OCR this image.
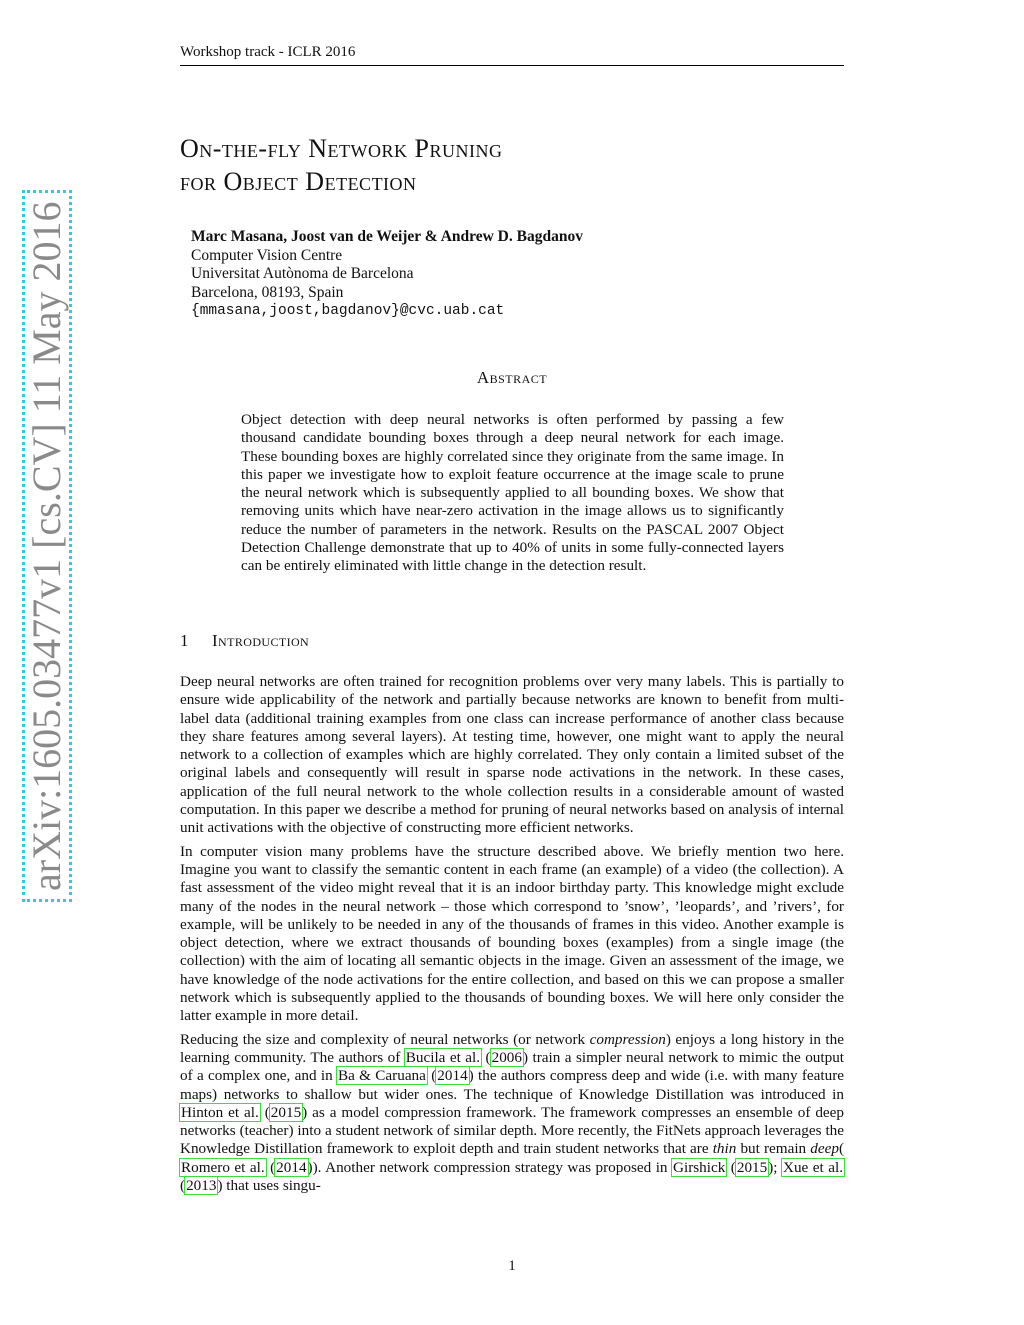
Workshop track - ICLR 2016
arXiv:1605.03477v1 [cs.CV] 11 May 2016
On-the-fly Network Pruning
for Object Detection
Marc Masana, Joost van de Weijer & Andrew D. Bagdanov
Computer Vision Centre
Universitat Autònoma de Barcelona
Barcelona, 08193, Spain
{mmasana,joost,bagdanov}@cvc.uab.cat
Abstract
Object detection with deep neural networks is often performed by passing a few thousand candidate bounding boxes through a deep neural network for each image. These bounding boxes are highly correlated since they originate from the same image. In this paper we investigate how to exploit feature occurrence at the image scale to prune the neural network which is subsequently applied to all bounding boxes. We show that removing units which have near-zero activation in the image allows us to significantly reduce the number of parameters in the network. Results on the PASCAL 2007 Object Detection Challenge demonstrate that up to 40% of units in some fully-connected layers can be entirely eliminated with little change in the detection result.
1 Introduction

Deep neural networks are often trained for recognition problems over very many labels. This is partially to ensure wide applicability of the network and partially because networks are known to benefit from multi-label data (additional training examples from one class can increase performance of another class because they share features among several layers). At testing time, however, one might want to apply the neural network to a collection of examples which are highly correlated. They only contain a limited subset of the original labels and consequently will result in sparse node activations in the network. In these cases, application of the full neural network to the whole collection results in a considerable amount of wasted computation. In this paper we describe a method for pruning of neural networks based on analysis of internal unit activations with the objective of constructing more efficient networks.

In computer vision many problems have the structure described above. We briefly mention two here. Imagine you want to classify the semantic content in each frame (an example) of a video (the collection). A fast assessment of the video might reveal that it is an indoor birthday party. This knowledge might exclude many of the nodes in the neural network – those which correspond to ’snow’, ’leopards’, and ’rivers’, for example, will be unlikely to be needed in any of the thousands of frames in this video. Another example is object detection, where we extract thousands of bounding boxes (examples) from a single image (the collection) with the aim of locating all semantic objects in the image. Given an assessment of the image, we have knowledge of the node activations for the entire collection, and based on this we can propose a smaller network which is subsequently applied to the thousands of bounding boxes. We will here only consider the latter example in more detail.

Reducing the size and complexity of neural networks (or network compression) enjoys a long history in the learning community. The authors of Bucila et al. (2006) train a simpler neural network to mimic the output of a complex one, and in Ba & Caruana (2014) the authors compress deep and wide (i.e. with many feature maps) networks to shallow but wider ones. The technique of Knowledge Distillation was introduced in Hinton et al. (2015) as a model compression framework. The framework compresses an ensemble of deep networks (teacher) into a student network of similar depth. More recently, the FitNets approach leverages the Knowledge Distillation framework to exploit depth and train student networks that are thin but remain deep( Romero et al. (2014)). Another network compression strategy was proposed in Girshick (2015); Xue et al. (2013) that uses singu-

1
